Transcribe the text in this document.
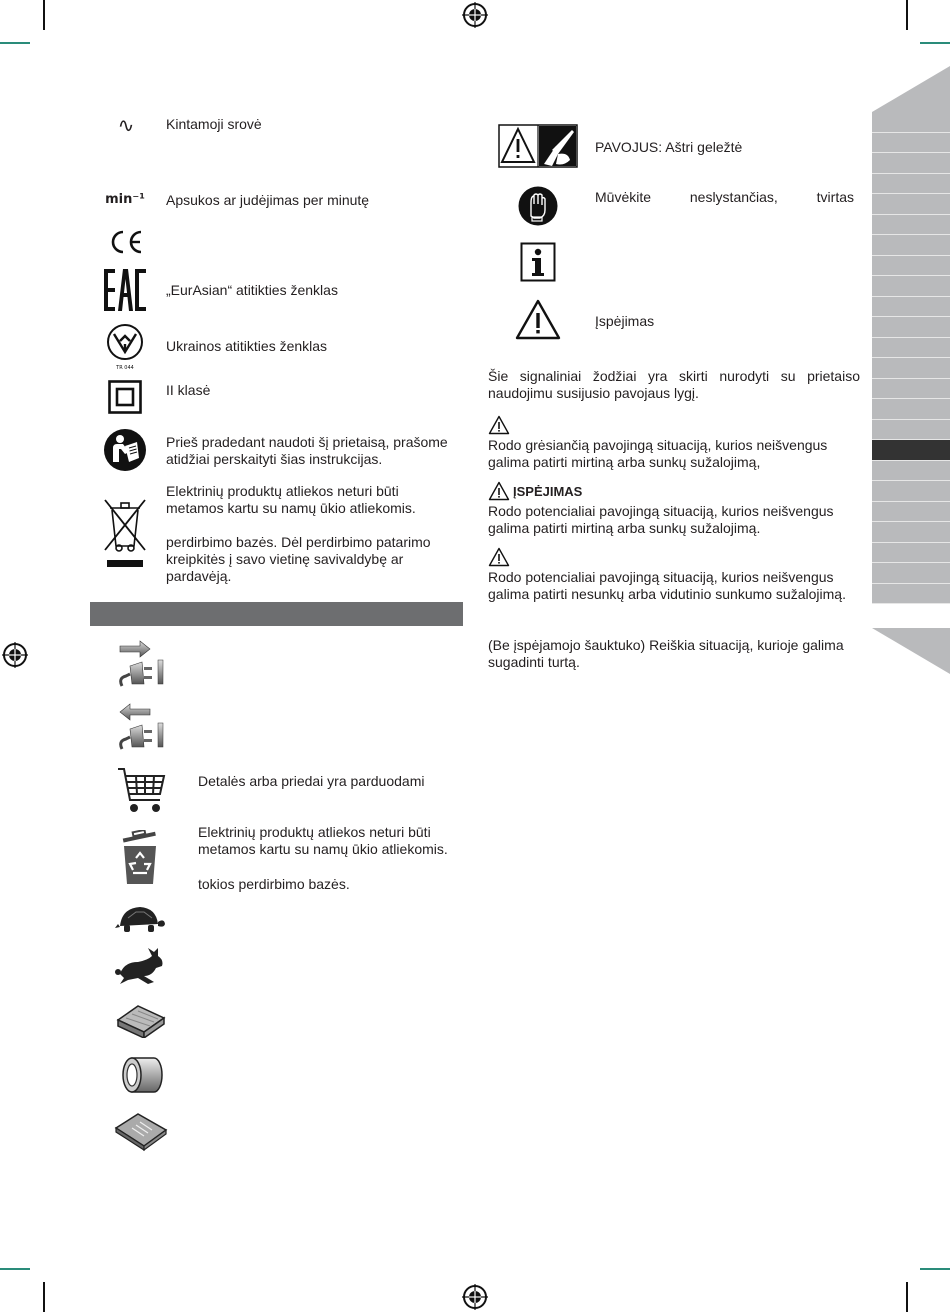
∿	Kintamoji srovė
min⁻¹	Apsukos ar judėjimas per minutę
„EurAsian“ atitikties ženklas
TR 044
Ukrainos atitikties ženklas
II klasė
Prieš pradedant naudoti šį prietaisą, prašome atidžiai perskaityti šias instrukcijas.
Elektrinių produktų atliekos neturi būti metamos kartu su namų ūkio atliekomis.
perdirbimo bazės. Dėl perdirbimo patarimo kreipkitės į savo vietinę savivaldybę ar pardavėją.
Detalės arba priedai yra parduodami
Elektrinių produktų atliekos neturi būti metamos kartu su namų ūkio atliekomis.
tokios perdirbimo bazės.
PAVOJUS: Aštri geležtė
Mūvėkite	neslystančias,	tvirtas
Įspėjimas
Šie signaliniai žodžiai yra skirti nurodyti su prietaiso naudojimu susijusio pavojaus lygį.
Rodo grėsiančią pavojingą situaciją, kurios neišvengus galima patirti mirtiną arba sunkų sužalojimą,
ĮSPĖJIMAS
Rodo potencialiai pavojingą situaciją, kurios neišvengus galima patirti mirtiną arba sunkų sužalojimą.
Rodo potencialiai pavojingą situaciją, kurios neišvengus galima patirti nesunkų arba vidutinio sunkumo sužalojimą.
(Be įspėjamojo šauktuko) Reiškia situaciją, kurioje galima sugadinti turtą.
